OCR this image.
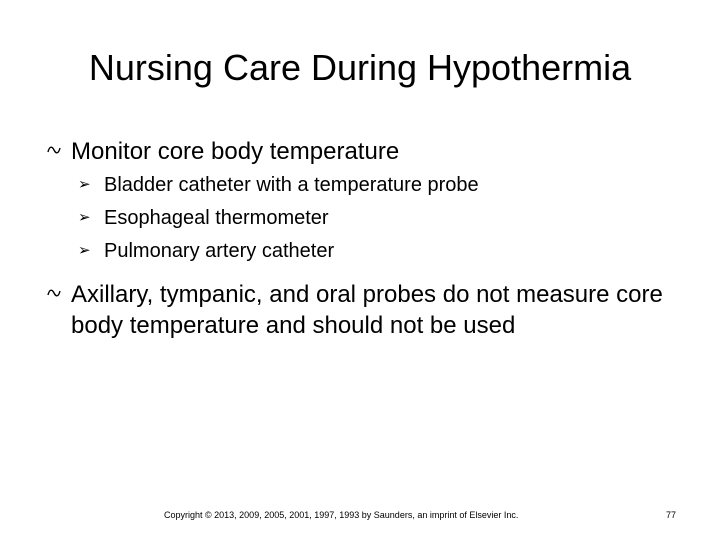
Nursing Care During Hypothermia
Monitor core body temperature
➢ Bladder catheter with a temperature probe
➢ Esophageal thermometer
➢ Pulmonary artery catheter
Axillary, tympanic, and oral probes do not measure core body temperature and should not be used
Copyright © 2013, 2009, 2005, 2001, 1997, 1993 by Saunders, an imprint of Elsevier Inc.	77
